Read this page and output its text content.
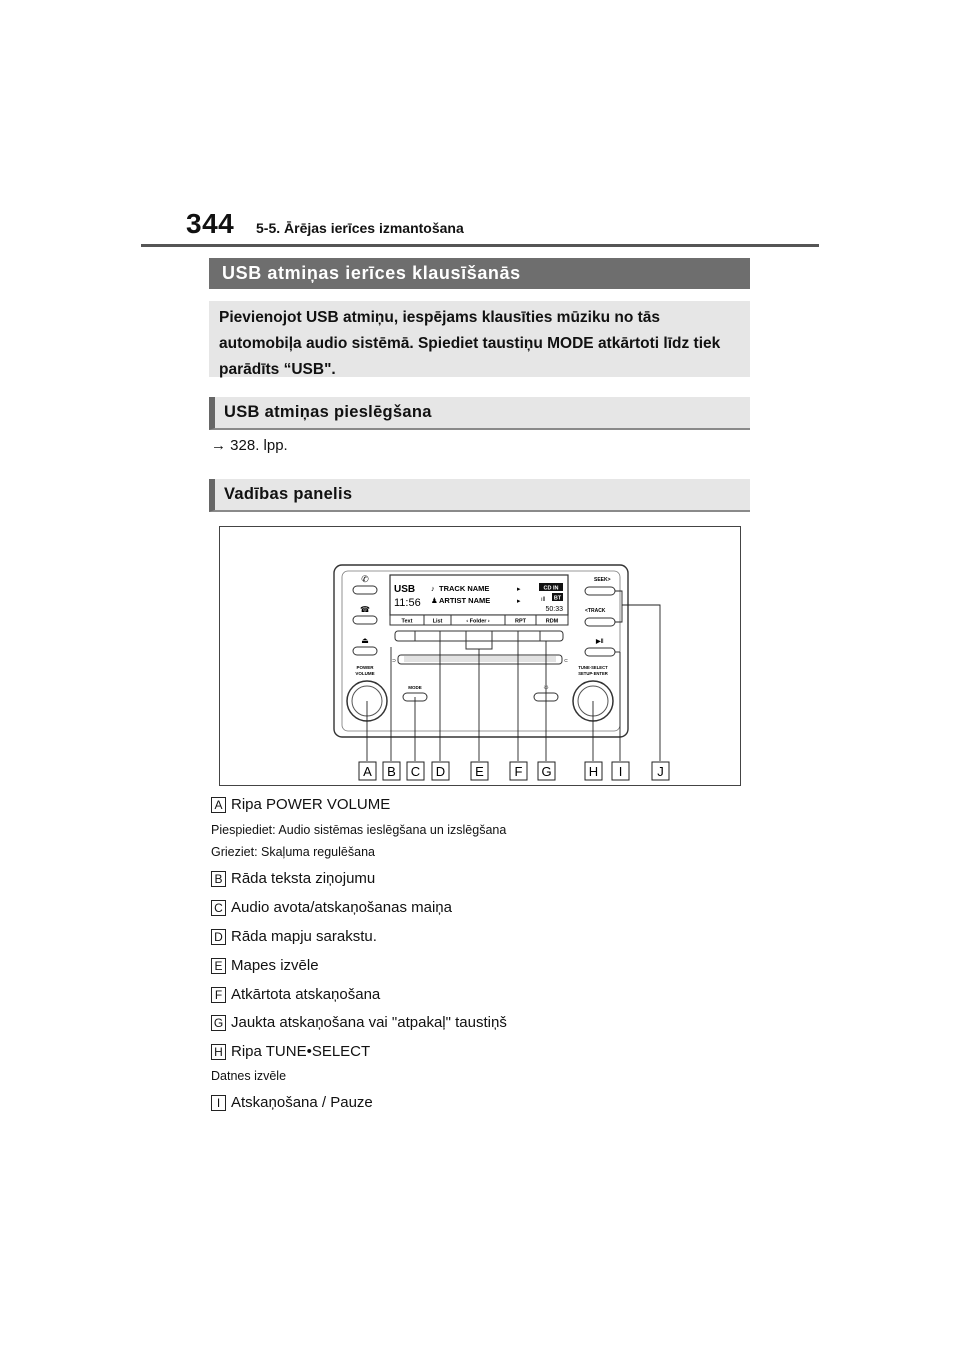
344 5-5. Ārējas ierīces izmantošana
USB atmiņas ierīces klausīšanās
Pievienojot USB atmiņu, iespējams klausīties mūziku no tās
automobiļa audio sistēmā. Spiediet taustiņu MODE atkārtoti līdz tiek
parādīts “USB".
USB atmiņas pieslēgšana
→ 328. lpp.
Vadības panelis
✆
☎
⏏
POWER
VOLUME
USB
11:56
♪ TRACK NAME
♟ ARTIST NAME
▸
▸
CD IN
ıll BT
50:33
Text	List	‹ Folder ›	RPT	RDM
⊃	⊂
MODE	☼
SEEK>
<TRACK
▶ǁ
TUNE·SELECT
SETUP·ENTER
A B C D E F G	H I	J
A Ripa POWER VOLUME
Piespiediet: Audio sistēmas ieslēgšana un izslēgšana
Grieziet: Skaļuma regulēšana
B Rāda teksta ziņojumu
C Audio avota/atskaņošanas maiņa
D Rāda mapju sarakstu.
E Mapes izvēle
F Atkārtota atskaņošana
G Jaukta atskaņošana vai "atpakaļ" taustiņš
H Ripa TUNE•SELECT
Datnes izvēle
I Atskaņošana / Pauze
